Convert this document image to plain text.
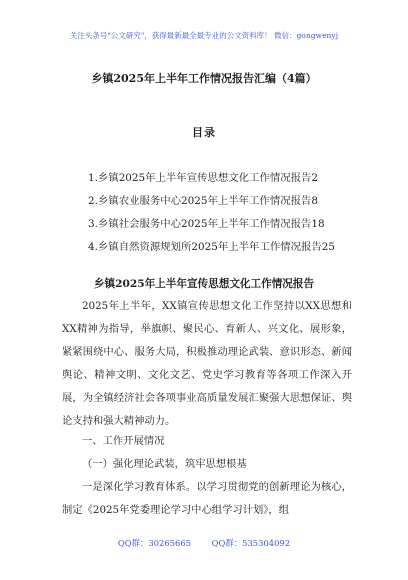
关注头条号"公文研究"，获得最新最全最专业的公文资料库！ 微信：gongwenyj
乡镇2025年上半年工作情况报告汇编（4篇）
目录
1.乡镇2025年上半年宣传思想文化工作情况报告2
2.乡镇农业服务中心2025年上半年工作情况报告8
3.乡镇社会服务中心2025年上半年工作情况报告18
4.乡镇自然资源规划所2025年上半年工作情况报告25
乡镇2025年上半年宣传思想文化工作情况报告

2025年上半年，XX镇宣传思想文化工作坚持以XX思想和XX精神为指导，举旗帜、聚民心、育新人、兴文化、展形象，紧紧围绕中心、服务大局，积极推动理论武装、意识形态、新闻舆论、精神文明、文化文艺、党史学习教育等各项工作深入开展，为全镇经济社会各项事业高质量发展汇聚强大思想保证、舆论支持和强大精神动力。

一、工作开展情况
（一）强化理论武装，筑牢思想根基

一是深化学习教育体系。以学习贯彻党的创新理论为核心，制定《2025年党委理论学习中心组学习计划》，组

QQ群：30265665 QQ群：535304092
